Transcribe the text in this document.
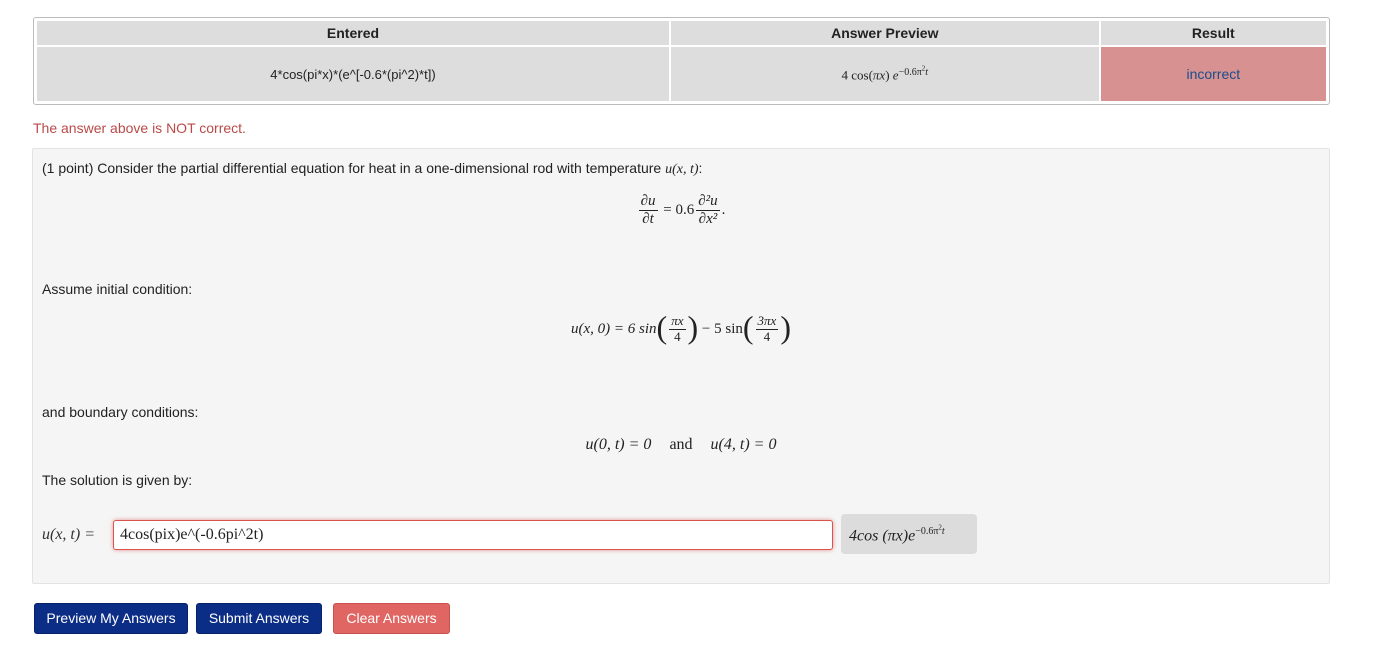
Entered	Answer Preview	Result
4*cos(pi*x)*(e^[-0.6*(pi^2)*t])	4 cos(πx) $e^{-0.6\pi^2t}$	incorrect
The answer above is NOT correct.
(1 point) Consider the partial differential equation for heat in a one-dimensional rod with temperature u(x, t):
$\frac{\partial u}{\partial t} = 0.6 \frac{\text{∂²u}}{\text{∂x²}}$ .
Assume initial condition:
u(x, 0) = 6 $\sin( \frac{\pi x}{4}$ ) − 5 $\sin( \frac{3\pi x}{4}$ )
and boundary conditions:
u(0, t) = 0 and u(4, t) = 0
The solution is given by:
u(x, t) =
4cos(pix)e^(-0.6pi^2t)	4cos $(\pi x)e^{-0.6\pi^2t}$
Preview My Answers	Submit Answers	Clear Answers
